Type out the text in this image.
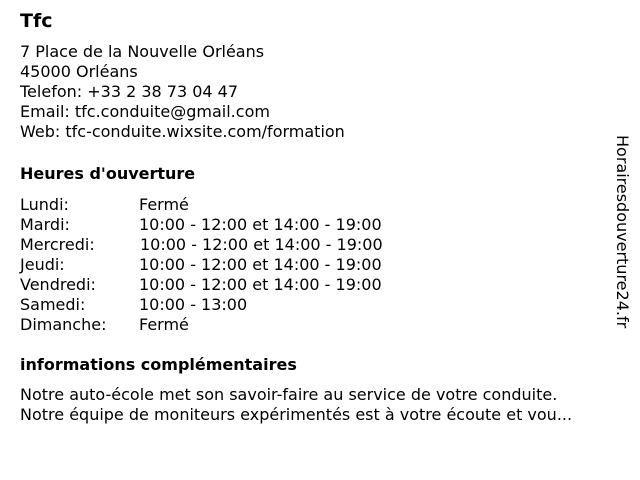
Tfc
7 Place de la Nouvelle Orléans
45000 Orléans
Telefon: +33 2 38 73 04 47
Email: tfc.conduite@gmail.com
Web: tfc-conduite.wixsite.com/formation
Heures d'ouverture
Lundi:	Fermé
Mardi:	10:00 - 12:00 et 14:00 - 19:00
Mercredi:	10:00 - 12:00 et 14:00 - 19:00
Jeudi:	10:00 - 12:00 et 14:00 - 19:00
Vendredi:	10:00 - 12:00 et 14:00 - 19:00
Samedi:	10:00 - 13:00
Dimanche:	Fermé
informations complémentaires
Notre auto-école met son savoir-faire au service de votre conduite.
Notre équipe de moniteurs expérimentés est à votre écoute et vou...
Horairesdouverture24.fr
